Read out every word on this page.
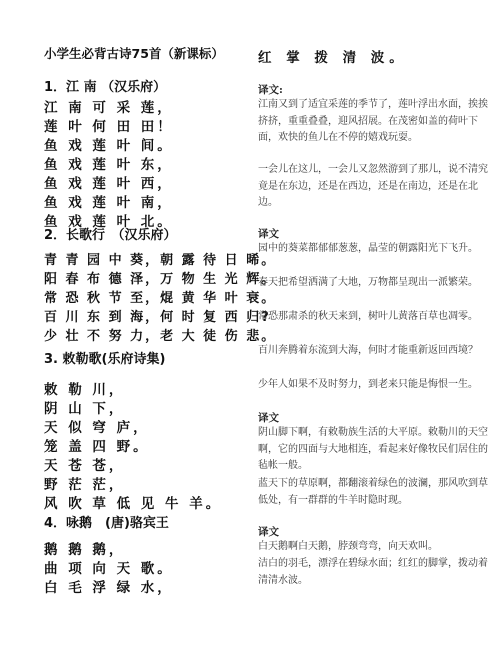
小学生必背古诗75首（新课标）
1．江 南 （汉乐府）
江 南 可 采 莲，
莲 叶 何 田 田！
鱼 戏 莲 叶 间。
鱼 戏 莲 叶 东，
鱼 戏 莲 叶 西，
鱼 戏 莲 叶 南，
鱼 戏 莲 叶 北。
2．长歌行　（汉乐府）
青 青 园 中 葵，朝 露 待 日 晞。
阳 春 布 德 泽，万 物 生 光 辉。
常 恐 秋 节 至，焜 黄 华 叶 衰。
百 川 东 到 海，何 时 复 西 归?
少 壮 不 努 力，老 大 徒 伤 悲。
3. 敕勒歌(乐府诗集)
敕 勒 川，
阴 山 下，
天 似 穹 庐，
笼 盖 四 野。
天 苍 苍，
野 茫 茫，
风 吹 草 低 见 牛 羊。
4．咏鹅　(唐)骆宾王
鹅 鹅 鹅，
曲 项 向 天 歌。
白 毛 浮 绿 水，
红 掌 拨 清 波。
译文:
江南又到了适宜采莲的季节了，莲叶浮出水面，挨挨挤挤，重重叠叠，迎风招展。在茂密如盖的荷叶下面，欢快的鱼儿在不停的嬉戏玩耍。
一会儿在这儿，一会儿又忽然游到了那儿，说不清究竟是在东边，还是在西边，还是在南边，还是在北边。
译文
园中的葵菜都郁郁葱葱，晶莹的朝露阳光下飞升。
春天把希望洒满了大地，万物都呈现出一派繁荣。
常恐那肃杀的秋天来到，树叶儿黄落百草也凋零。
百川奔腾着东流到大海，何时才能重新返回西境？
少年人如果不及时努力，到老来只能是悔恨一生。
译文
阴山脚下啊，有敕勒族生活的大平原。敕勒川的天空啊，它的四面与大地相连，看起来好像牧民们居住的毡帐一般。
蓝天下的草原啊，都翻滚着绿色的波澜，那风吹到草低处，有一群群的牛羊时隐时现。
译文
白天鹅啊白天鹅，脖颈弯弯，向天欢叫。
洁白的羽毛，漂浮在碧绿水面；红红的脚掌，拨动着清清水波。
